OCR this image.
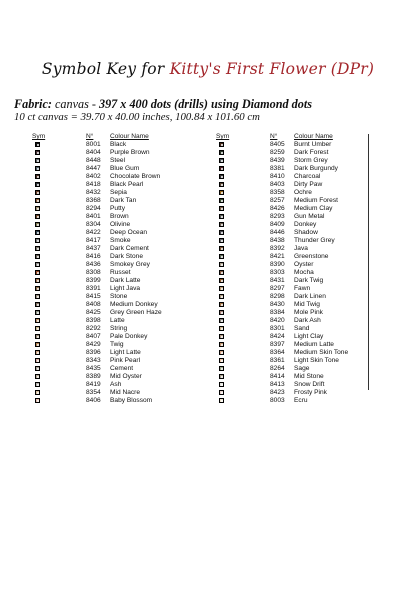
Symbol Key for Kitty's First Flower (DPr)
Fabric: canvas - 397 x 400 dots (drills) using Diamond dots
10 ct canvas = 39.70 x 40.00 inches, 100.84 x 101.60 cm
Sym	N°	Colour Name
8001 Black
8404 Purple Brown
8448 Steel
8447 Blue Gum
8402 Chocolate Brown
8418 Black Pearl
8432 Sepia
8368 Dark Tan
8294 Putty
8401 Brown
8304 Olivine
8422 Deep Ocean
8417 Smoke
8437 Dark Cement
8416 Dark Stone
8436 Smokey Grey
8308 Russet
8399 Dark Latte
8391 Light Java
8415 Stone
8408 Medium Donkey
8425 Grey Green Haze
8398 Latte
8292 String
8407 Pale Donkey
8429 Twig
8396 Light Latte
8343 Pink Pearl
8435 Cement
8389 Mid Oyster
8419 Ash
8354 Mid Nacre
8406 Baby Blossom
Sym	N°	Colour Name
8405 Burnt Umber
8259 Dark Forest
8439 Storm Grey
8381 Dark Burgundy
8410 Charcoal
8403 Dirty Paw
8358 Ochre
8257 Medium Forest
8426 Medium Clay
8293 Gun Metal
8409 Donkey
8446 Shadow
8438 Thunder Grey
8392 Java
8421 Greenstone
8390 Oyster
8303 Mocha
8431 Dark Twig
8297 Fawn
8298 Dark Linen
8430 Mid Twig
8384 Mole Pink
8420 Dark Ash
8301 Sand
8424 Light Clay
8397 Medium Latte
8364 Medium Skin Tone
8361 Light Skin Tone
8264 Sage
8414 Mid Stone
8413 Snow Drift
8423 Frosty Pink
8003 Ecru
